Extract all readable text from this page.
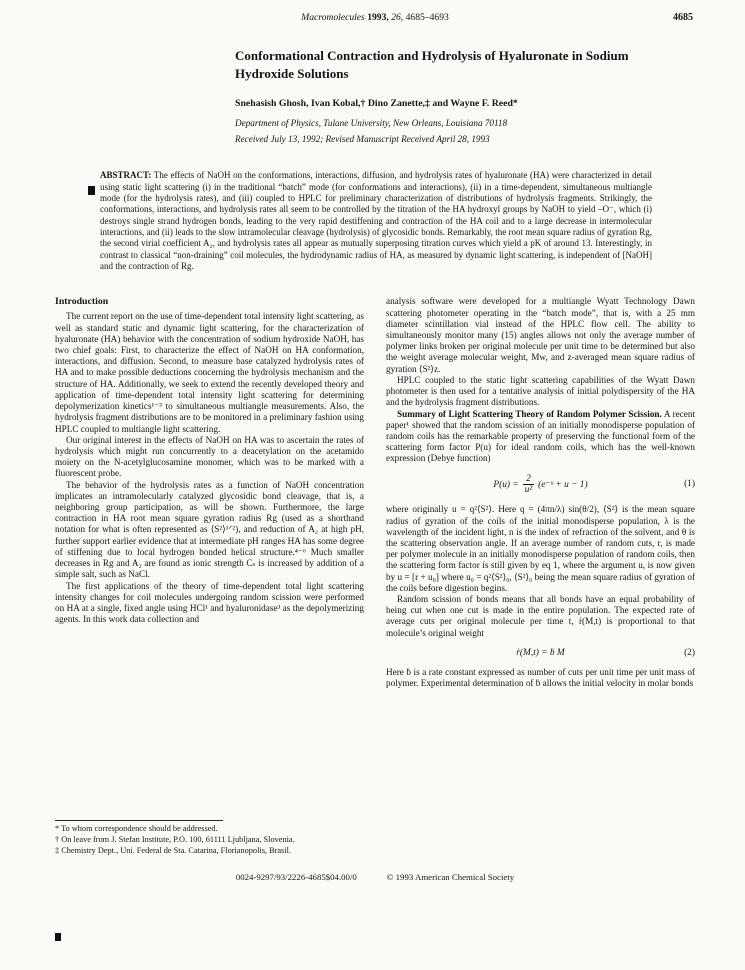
Macromolecules 1993, 26, 4685–4693	4685
Conformational Contraction and Hydrolysis of Hyaluronate in Sodium Hydroxide Solutions
Snehasish Ghosh, Ivan Kobal,† Dino Zanette,‡ and Wayne F. Reed*
Department of Physics, Tulane University, New Orleans, Louisiana 70118
Received July 13, 1992; Revised Manuscript Received April 28, 1993
ABSTRACT: The effects of NaOH on the conformations, interactions, diffusion, and hydrolysis rates of hyaluronate (HA) were characterized in detail using static light scattering (i) in the traditional “batch” mode (for conformations and interactions), (ii) in a time-dependent, simultaneous multiangle mode (for the hydrolysis rates), and (iii) coupled to HPLC for preliminary characterization of distributions of hydrolysis fragments. Strikingly, the conformations, interactions, and hydrolysis rates all seem to be controlled by the titration of the HA hydroxyl groups by NaOH to yield –O⁻, which (i) destroys single strand hydrogen bonds, leading to the very rapid destiffening and contraction of the HA coil and to a large decrease in intermolecular interactions, and (ii) leads to the slow intramolecular cleavage (hydrolysis) of glycosidic bonds. Remarkably, the root mean square radius of gyration Rg, the second virial coefficient A₂, and hydrolysis rates all appear as mutually superposing titration curves which yield a pK of around 13. Interestingly, in contrast to classical “non-draining” coil molecules, the hydrodynamic radius of HA, as measured by dynamic light scattering, is independent of [NaOH] and the contraction of Rg.
Introduction

The current report on the use of time-dependent total intensity light scattering, as well as standard static and dynamic light scattering, for the characterization of hyaluronate (HA) behavior with the concentration of sodium hydroxide NaOH, has two chief goals: First, to characterize the effect of NaOH on HA conformation, interactions, and diffusion. Second, to measure base catalyzed hydrolysis rates of HA and to make possible deductions concerning the hydrolysis mechanism and the structure of HA. Additionally, we seek to extend the recently developed theory and application of time-dependent total intensity light scattering for determining depolymerization kinetics¹⁻³ to simultaneous multiangle measurements. Also, the hydrolysis fragment distributions are to be monitored in a preliminary fashion using HPLC coupled to multiangle light scattering.

Our original interest in the effects of NaOH on HA was to ascertain the rates of hydrolysis which might run concurrently to a deacetylation on the acetamido moiety on the N-acetylglucosamine monomer, which was to be marked with a fluorescent probe.

The behavior of the hydrolysis rates as a function of NaOH concentration implicates an intramolecularly catalyzed glycosidic bond cleavage, that is, a neighboring group participation, as will be shown. Furthermore, the large contraction in HA root mean square gyration radius Rg (used as a shorthand notation for what is often represented as ⟨S²⟩¹ᐟ²), and reduction of A₂ at high pH, further support earlier evidence that at intermediate pH ranges HA has some degree of stiffening due to local hydrogen bonded helical structure.⁴⁻⁶ Much smaller decreases in Rg and A₂ are found as ionic strength Cₛ is increased by addition of a simple salt, such as NaCl.

The first applications of the theory of time-dependent total light scattering intensity changes for coil molecules undergoing random scission were performed on HA at a single, fixed angle using HCl¹ and hyaluronidase³ as the depolymerizing agents. In this work data collection and

* To whom correspondence should be addressed.

† On leave from J. Stefan Institute, P.O. 100, 61111 Ljubljana, Slovenia.

‡ Chemistry Dept., Uni. Federal de Sta. Catarina, Florianopolis, Brasil.

analysis software were developed for a multiangle Wyatt Technology Dawn scattering photometer operating in the “batch mode”, that is, with a 25 mm diameter scintillation vial instead of the HPLC flow cell. The ability to simultaneously monitor many (15) angles allows not only the average number of polymer links broken per original molecule per unit time to be determined but also the weight average molecular weight, Mw, and z-averaged mean square radius of gyration ⟨S²⟩z.

HPLC coupled to the static light scattering capabilities of the Wyatt Dawn photometer is then used for a tentative analysis of initial polydispersity of the HA and the hydrolysis fragment distributions.

Summary of Light Scattering Theory of Random Polymer Scission. A recent paper¹ showed that the random scission of an initially monodisperse population of random coils has the remarkable property of preserving the functional form of the scattering form factor P(u) for ideal random coils, which has the well-known expression (Debye function)

$P(u) = \frac{2}{\text{u²}}$ (e⁻ᵘ + u − 1)	(1)

where originally u = q²⟨S²⟩. Here q = (4πn/λ) sin(θ/2), ⟨S²⟩ is the mean square radius of gyration of the coils of the initial monodisperse population, λ is the wavelength of the incident light, n is the index of refraction of the solvent, and θ is the scattering observation angle. If an average number of random cuts, r, is made per polymer molecule in an initially monodisperse population of random coils, then the scattering form factor is still given by eq 1, where the argument u, is now given by u = [r + u₀] where u₀ = q²⟨S²⟩₀, ⟨S²⟩₀ being the mean square radius of gyration of the coils before digestion begins.

Random scission of bonds means that all bonds have an equal probability of being cut when one cut is made in the entire population. The expected rate of average cuts per original molecule per time t, ṙ(M,t) is proportional to that molecule’s original weight

ṙ(M,t) = ḃ M	(2)

Here ḃ is a rate constant expressed as number of cuts per unit time per unit mass of polymer. Experimental determination of ḃ allows the initial velocity in molar bonds

0024-9297/93/2226-4685$04.00/0	© 1993 American Chemical Society
